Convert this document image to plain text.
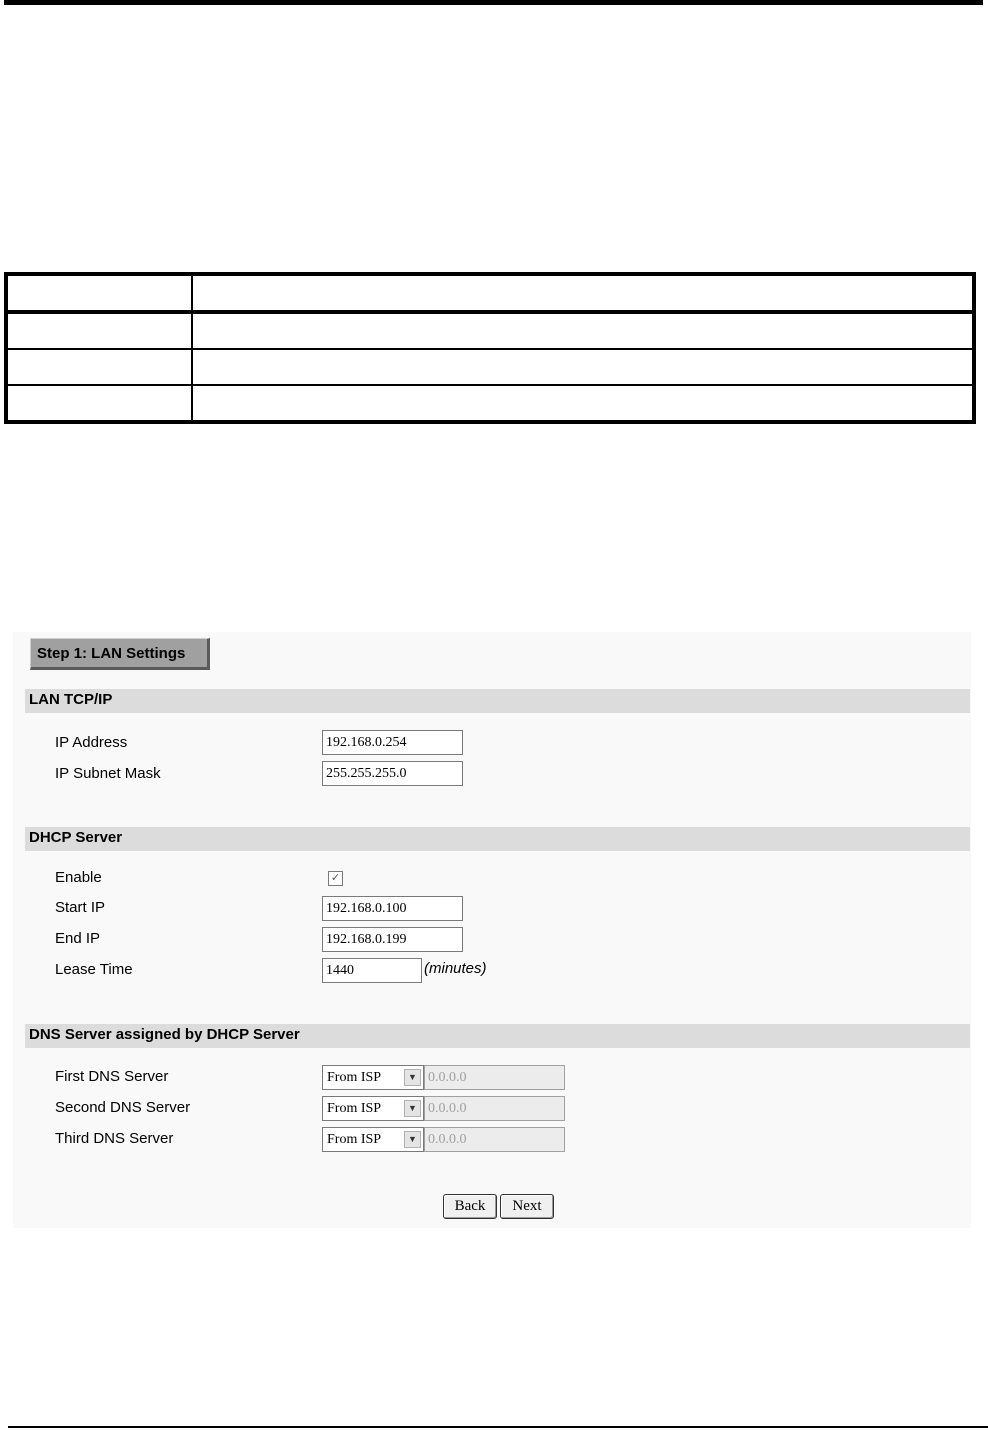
Step 1: LAN Settings
LAN TCP/IP
IP Address	192.168.0.254
IP Subnet Mask	255.255.255.0
DHCP Server
Enable	✓
Start IP	192.168.0.100
End IP	192.168.0.199
Lease Time	1440	(minutes)
DNS Server assigned by DHCP Server
First DNS Server	From ISP	▼ 0.0.0.0
Second DNS Server	From ISP	▼ 0.0.0.0
Third DNS Server	From ISP	▼ 0.0.0.0
Back	Next
